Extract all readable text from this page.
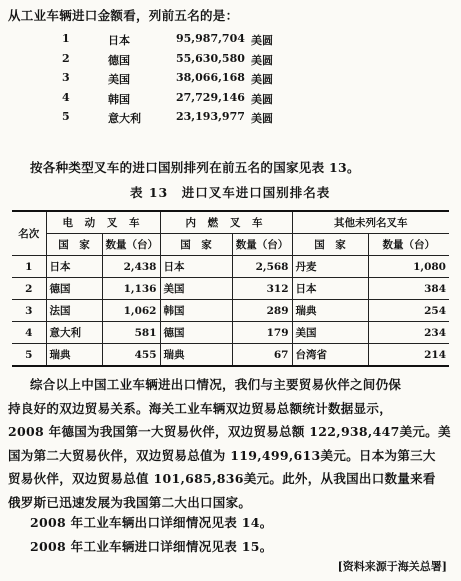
从工业车辆进口金额看，列前五名的是：
1	日本	95,987,704 美圆
2	德国	55,630,580 美圆
3	美国	38,066,168 美圆
4	韩国	27,729,146 美圆
5	意大利	23,193,977 美圆
按各种类型叉车的进口国别排列在前五名的国家见表 13。
表 13　进口叉车进口国别排名表
名次	电 动 叉 车		内 燃 叉 车		其他未列名叉车	
	国　家	数量（台）	国　家	数量（台）	国　家	数量（台）
1	日本	2,438	日本	2,568	丹麦	1,080
2	德国	1,136	美国	312	日本	384
3	法国	1,062	韩国	289	瑞典	254
4	意大利	581	德国	179	美国	234
5	瑞典	455	瑞典	67	台湾省	214
综合以上中国工业车辆进出口情况，我们与主要贸易伙伴之间仍保
持良好的双边贸易关系。海关工业车辆双边贸易总额统计数据显示，
2008 年德国为我国第一大贸易伙伴，双边贸易总额 122,938,447美元。美
国为第二大贸易伙伴，双边贸易总值为 119,499,613美元。日本为第三大
贸易伙伴，双边贸易总值 101,685,836美元。此外，从我国出口数量来看
俄罗斯已迅速发展为我国第二大出口国家。
2008 年工业车辆出口详细情况见表 14。
2008 年工业车辆进口详细情况见表 15。
[资料来源于海关总署]
